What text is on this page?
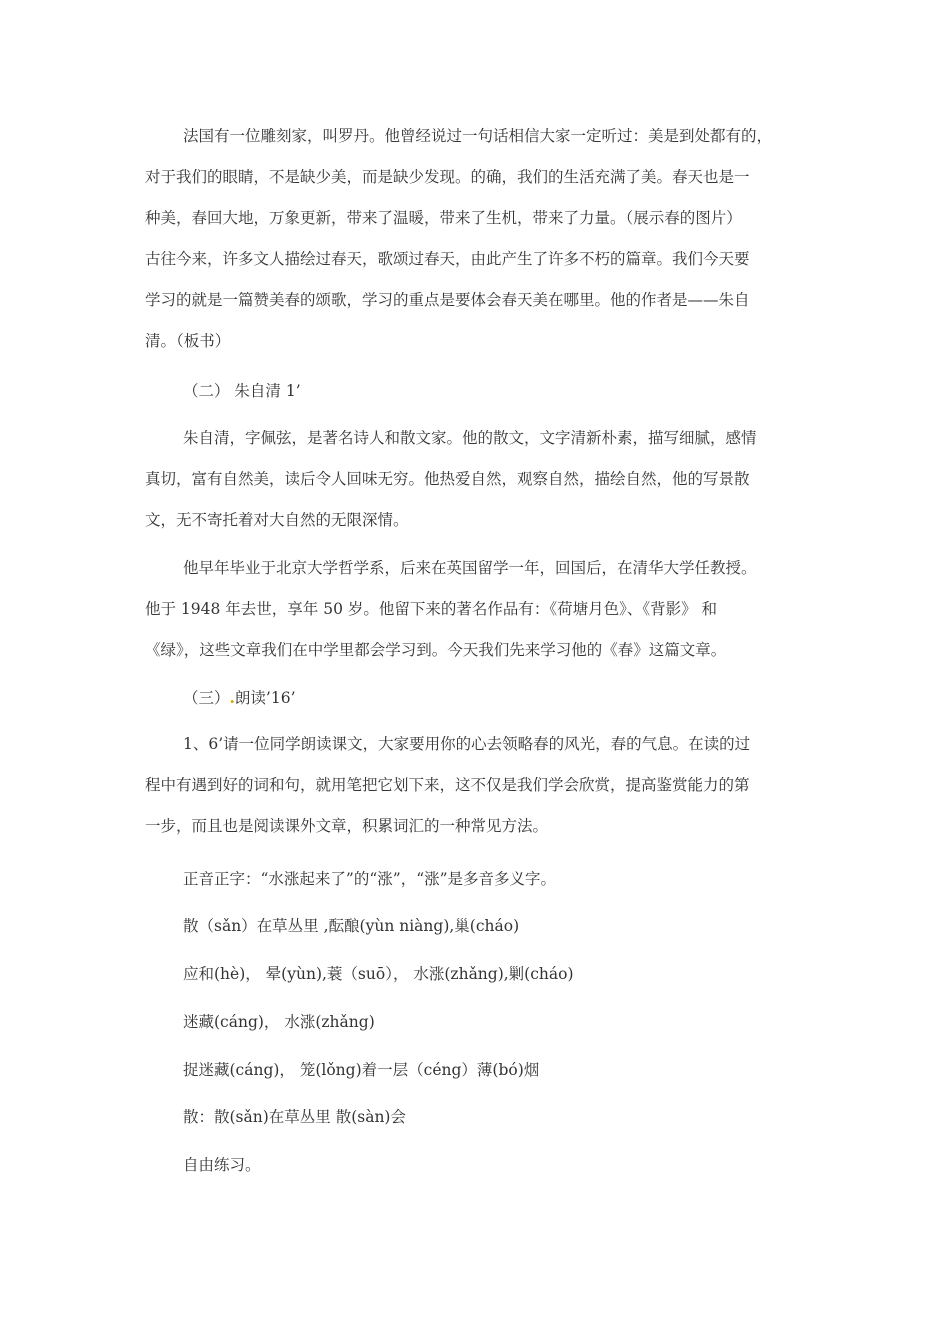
法国有一位雕刻家，叫罗丹。他曾经说过一句话相信大家一定听过：美是到处都有的，
对于我们的眼睛，不是缺少美，而是缺少发现。的确，我们的生活充满了美。春天也是一
种美，春回大地，万象更新，带来了温暖，带来了生机，带来了力量。（展示春的图片）
古往今来，许多文人描绘过春天，歌颂过春天，由此产生了许多不朽的篇章。我们今天要
学习的就是一篇赞美春的颂歌，学习的重点是要体会春天美在哪里。他的作者是——朱自
清。（板书）
（二） 朱自清 1’
朱自清，字佩弦，是著名诗人和散文家。他的散文，文字清新朴素，描写细腻，感情
真切，富有自然美，读后令人回味无穷。他热爱自然，观察自然，描绘自然，他的写景散
文，无不寄托着对大自然的无限深情。
他早年毕业于北京大学哲学系，后来在英国留学一年，回国后，在清华大学任教授。
他于 1948 年去世，享年 50 岁。他留下来的著名作品有：《荷塘月色》、《背影》 和
《绿》，这些文章我们在中学里都会学习到。今天我们先来学习他的《春》这篇文章。
（三）.朗读’16’
1、6’请一位同学朗读课文，大家要用你的心去领略春的风光，春的气息。在读的过
程中有遇到好的词和句，就用笔把它划下来，这不仅是我们学会欣赏，提高鉴赏能力的第
一步，而且也是阅读课外文章，积累词汇的一种常见方法。
正音正字：“水涨起来了”的“涨”，“涨”是多音多义字。
散（sǎn）在草丛里 ,酝酿(yùn niàng),巢(cháo)
应和(hè)， 晕(yùn),蓑（suō）， 水涨(zhǎng),剿(cháo)
迷藏(cáng)， 水涨(zhǎng)
捉迷藏(cáng)， 笼(lǒng)着一层（céng）薄(bó)烟
散：散(sǎn)在草丛里 散(sàn)会
自由练习。
